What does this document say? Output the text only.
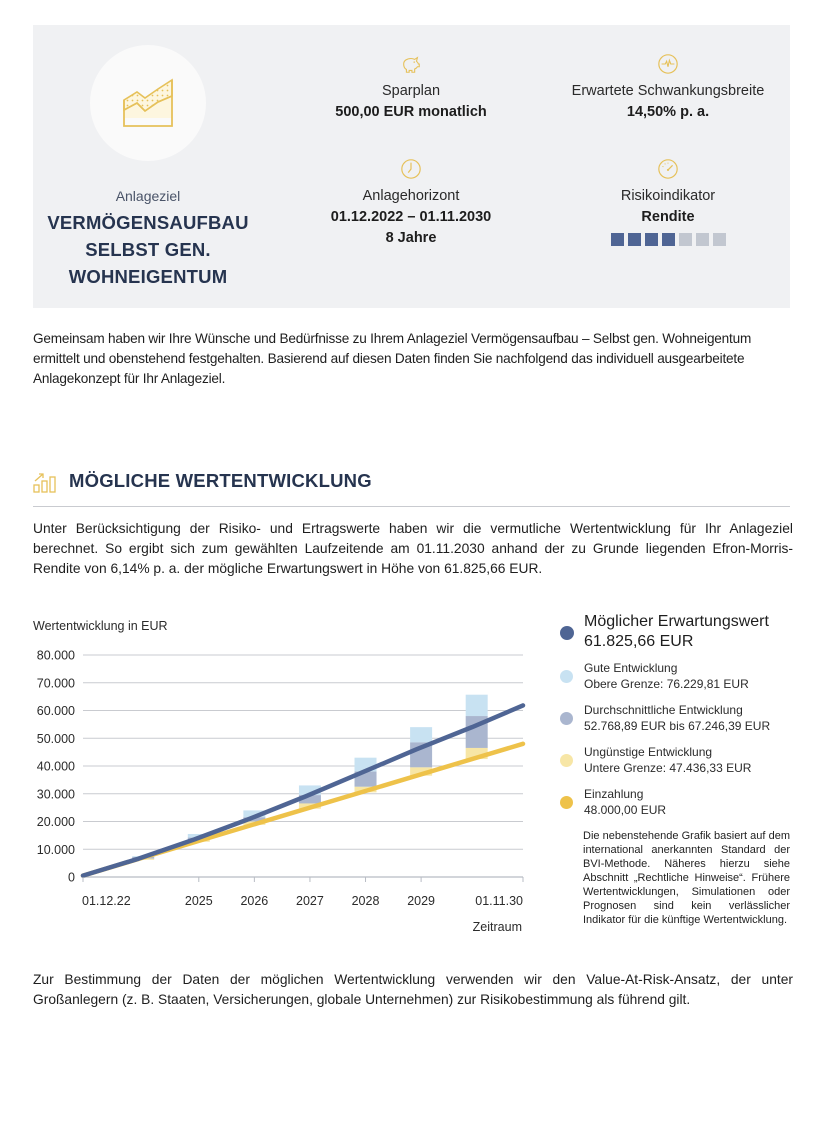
Anlageziel
VERMÖGENSAUFBAU
SELBST GEN.
WOHNEIGENTUM
Sparplan
500,00 EUR monatlich
Erwartete Schwankungsbreite
14,50% p. a.
Anlagehorizont
01.12.2022 – 01.11.2030
8 Jahre
Risikoindikator
Rendite
Gemeinsam haben wir Ihre Wünsche und Bedürfnisse zu Ihrem Anlageziel Vermögensaufbau – Selbst gen. Wohneigentum ermittelt und obenstehend festgehalten. Basierend auf diesen Daten finden Sie nachfolgend das individuell ausgearbeitete Anlagekonzept für Ihr Anlageziel.
MÖGLICHE WERTENTWICKLUNG
Unter Berücksichtigung der Risiko- und Ertragswerte haben wir die vermutliche Wertentwicklung für Ihr Anlageziel berechnet. So ergibt sich zum gewählten Laufzeitende am 01.11.2030 anhand der zu Grunde liegenden Efron-Morris-Rendite von 6,14% p. a. der mögliche Erwartungswert in Höhe von 61.825,66 EUR.
Wertentwicklung in EUR
Zeitraum
0
10.000
20.000
30.000
40.000
50.000
60.000
70.000
80.000
01.12.22	2025 2026 2027 2028 2029	01.11.30
Möglicher Erwartungswert
61.825,66 EUR
Gute Entwicklung
Obere Grenze: 76.229,81 EUR
Durchschnittliche Entwicklung
52.768,89 EUR bis 67.246,39 EUR
Ungünstige Entwicklung
Untere Grenze: 47.436,33 EUR
Einzahlung
48.000,00 EUR
Die nebenstehende Grafik basiert auf dem international anerkannten Standard der BVI-Methode. Näheres hierzu siehe Abschnitt „Rechtliche Hinweise“. Frühere Wertentwicklungen, Simulationen oder Prognosen sind kein verlässlicher Indikator für die künftige Wertentwicklung.
Zur Bestimmung der Daten der möglichen Wertentwicklung verwenden wir den Value-At-Risk-Ansatz, der unter Großanlegern (z. B. Staaten, Versicherungen, globale Unternehmen) zur Risikobestimmung als führend gilt.
